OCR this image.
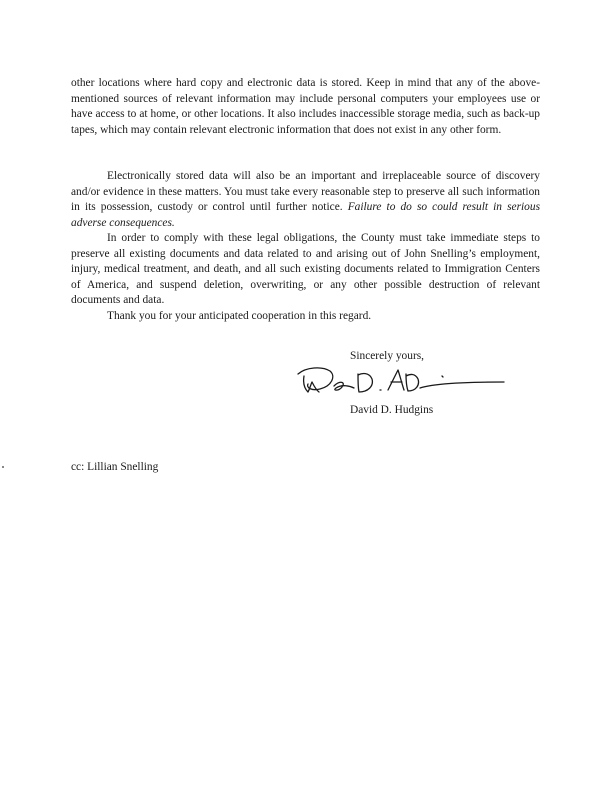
other locations where hard copy and electronic data is stored. Keep in mind that any of the above-mentioned sources of relevant information may include personal computers your employees use or have access to at home, or other locations. It also includes inaccessible storage media, such as back-up tapes, which may contain relevant electronic information that does not exist in any other form.

Electronically stored data will also be an important and irreplaceable source of discovery and/or evidence in these matters. You must take every reasonable step to preserve all such information in its possession, custody or control until further notice. Failure to do so could result in serious adverse consequences.

In order to comply with these legal obligations, the County must take immediate steps to preserve all existing documents and data related to and arising out of John Snelling’s employment, injury, medical treatment, and death, and all such existing documents related to Immigration Centers of America, and suspend deletion, overwriting, or any other possible destruction of relevant documents and data.

Thank you for your anticipated cooperation in this regard.

Sincerely yours,

David D. Hudgins

cc: Lillian Snelling
